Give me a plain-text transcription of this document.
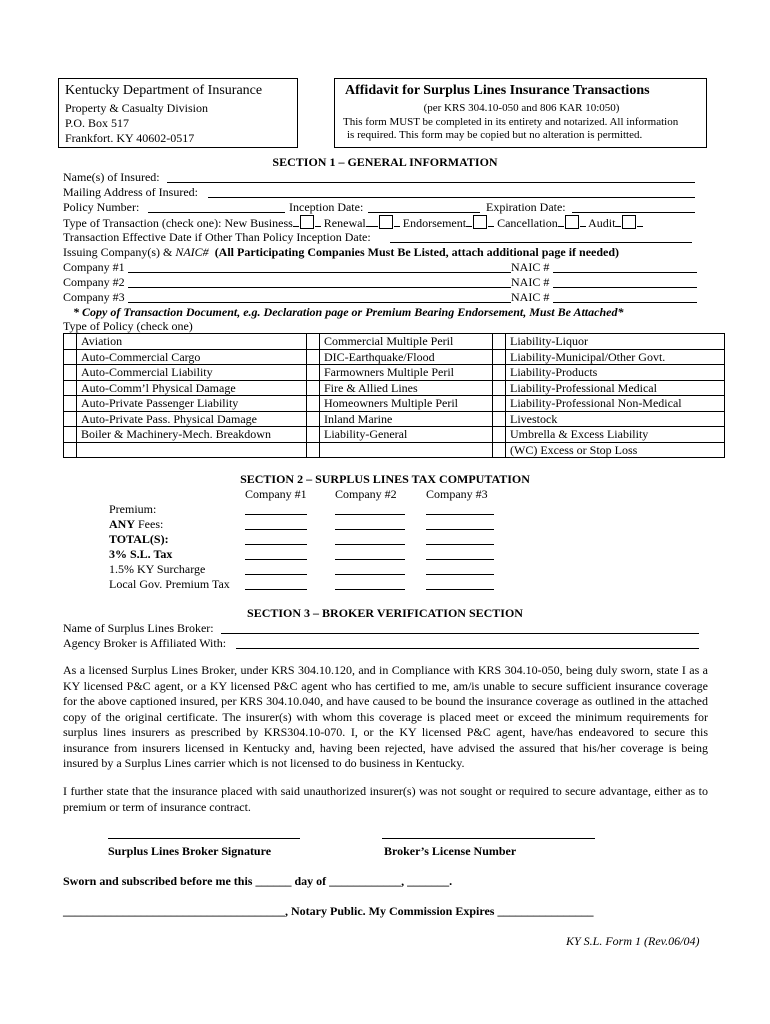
Kentucky Department of Insurance
Property & Casualty Division
P.O. Box 517
Frankfort. KY 40602-0517
Affidavit for Surplus Lines Insurance Transactions
(per KRS 304.10-050 and 806 KAR 10:050)
This form MUST be completed in its entirety and notarized. All information
is required. This form may be copied but no alteration is permitted.
SECTION 1 – GENERAL INFORMATION
Name(s) of Insured:
Mailing Address of Insured:
Policy Number:	Inception Date:	Expiration Date:
Type of Transaction (check one): New Business	Renewal	Endorsement	Cancellation	Audit
Transaction Effective Date if Other Than Policy Inception Date:
Issuing Company(s) & NAIC# (All Participating Companies Must Be Listed, attach additional page if needed)
Company #1	NAIC #
Company #2	NAIC #
Company #3	NAIC #
* Copy of Transaction Document, e.g. Declaration page or Premium Bearing Endorsement, Must Be Attached*
Type of Policy (check one)
	Aviation		Commercial Multiple Peril		Liability-Liquor
	Auto-Commercial Cargo		DIC-Earthquake/Flood		Liability-Municipal/Other Govt.
	Auto-Commercial Liability		Farmowners Multiple Peril		Liability-Products
	Auto-Comm’l Physical Damage		Fire & Allied Lines		Liability-Professional Medical
	Auto-Private Passenger Liability		Homeowners Multiple Peril		Liability-Professional Non-Medical
	Auto-Private Pass. Physical Damage		Inland Marine		Livestock
	Boiler & Machinery-Mech. Breakdown		Liability-General		Umbrella & Excess Liability
					(WC) Excess or Stop Loss
SECTION 2 – SURPLUS LINES TAX COMPUTATION
Company #1 Company #2 Company #3
Premium:
ANY Fees:
TOTAL(S):
3% S.L. Tax
1.5% KY Surcharge
Local Gov. Premium Tax
SECTION 3 – BROKER VERIFICATION SECTION
Name of Surplus Lines Broker:
Agency Broker is Affiliated With:
As a licensed Surplus Lines Broker, under KRS 304.10.120, and in Compliance with KRS 304.10-050, being duly sworn, state I as a KY licensed P&C agent, or a KY licensed P&C agent who has certified to me, am/is unable to secure sufficient insurance coverage for the above captioned insured, per KRS 304.10.040, and have caused to be bound the insurance coverage as outlined in the attached copy of the original certificate. The insurer(s) with whom this coverage is placed meet or exceed the minimum requirements for surplus lines insurers as prescribed by KRS304.10-070. I, or the KY licensed P&C agent, have/has endeavored to secure this insurance from insurers licensed in Kentucky and, having been rejected, have advised the assured that his/her coverage is being insured by a Surplus Lines carrier which is not licensed to do business in Kentucky.
I further state that the insurance placed with said unauthorized insurer(s) was not sought or required to secure advantage, either as to premium or term of insurance contract.
Surplus Lines Broker Signature	Broker’s License Number
Sworn and subscribed before me this ______ day of ____________, _______.
_____________________________________, Notary Public. My Commission Expires ________________
KY S.L. Form 1 (Rev.06/04)
